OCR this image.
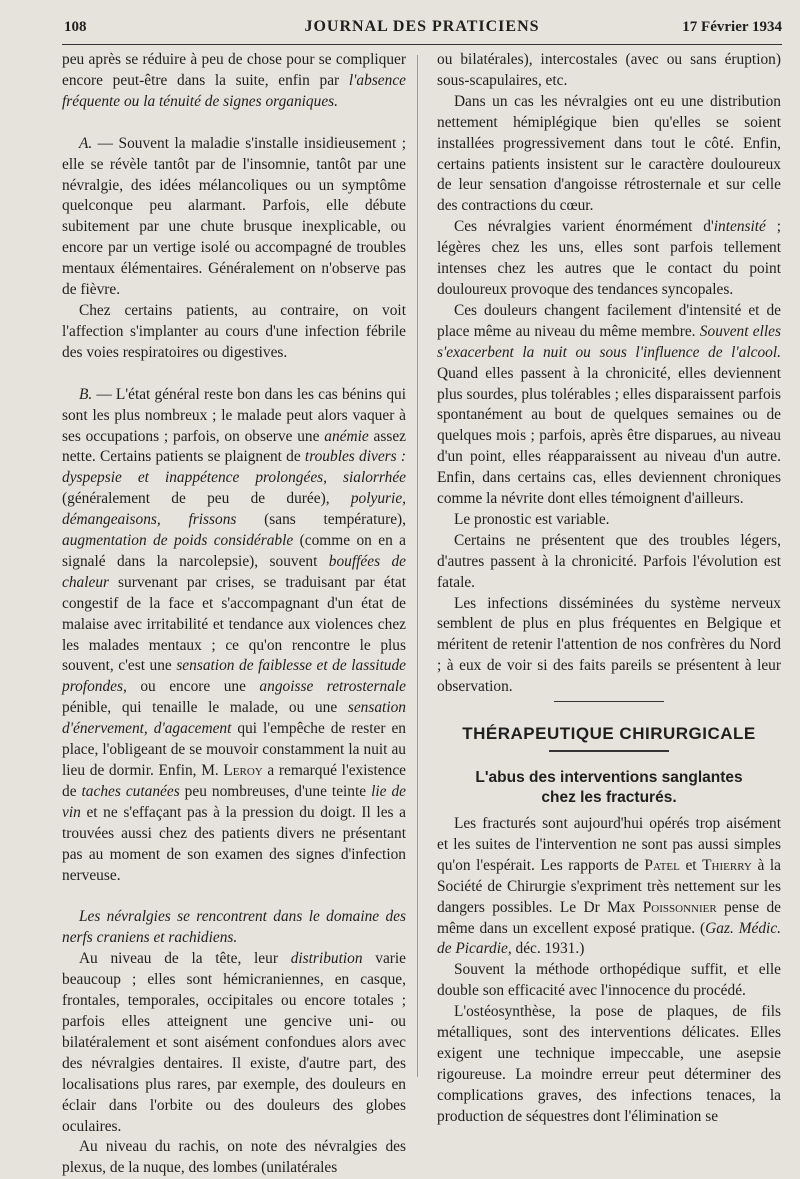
108	JOURNAL DES PRATICIENS	17 Février 1934

peu après se réduire à peu de chose pour se compliquer encore peut-être dans la suite, enfin par l'absence fréquente ou la ténuité de signes organiques.

A. — Souvent la maladie s'installe insidieusement ; elle se révèle tantôt par de l'insomnie, tantôt par une névralgie, des idées mélancoliques ou un symptôme quelconque peu alarmant. Parfois, elle débute subitement par une chute brusque inexplicable, ou encore par un vertige isolé ou accompagné de troubles mentaux élémentaires. Généralement on n'observe pas de fièvre.

Chez certains patients, au contraire, on voit l'affection s'implanter au cours d'une infection fébrile des voies respiratoires ou digestives.

B. — L'état général reste bon dans les cas bénins qui sont les plus nombreux ; le malade peut alors vaquer à ses occupations ; parfois, on observe une anémie assez nette. Certains patients se plaignent de troubles divers : dyspepsie et inappétence prolongées, sialorrhée (généralement de peu de durée), polyurie, démangeaisons, frissons (sans température), augmentation de poids considérable (comme on en a signalé dans la narcolepsie), souvent bouffées de chaleur survenant par crises, se traduisant par état congestif de la face et s'accompagnant d'un état de malaise avec irritabilité et tendance aux violences chez les malades mentaux ; ce qu'on rencontre le plus souvent, c'est une sensation de faiblesse et de lassitude profondes, ou encore une angoisse retrosternale pénible, qui tenaille le malade, ou une sensation d'énervement, d'agacement qui l'empêche de rester en place, l'obligeant de se mouvoir constamment la nuit au lieu de dormir. Enfin, M. Leroy a remarqué l'existence de taches cutanées peu nombreuses, d'une teinte lie de vin et ne s'effaçant pas à la pression du doigt. Il les a trouvées aussi chez des patients divers ne présentant pas au moment de son examen des signes d'infection nerveuse.

Les névralgies se rencontrent dans le domaine des nerfs craniens et rachidiens.

Au niveau de la tête, leur distribution varie beaucoup ; elles sont hémicraniennes, en casque, frontales, temporales, occipitales ou encore totales ; parfois elles atteignent une gencive uni- ou bilatéralement et sont aisément confondues alors avec des névralgies dentaires. Il existe, d'autre part, des localisations plus rares, par exemple, des douleurs en éclair dans l'orbite ou des douleurs des globes oculaires.

Au niveau du rachis, on note des névralgies des plexus, de la nuque, des lombes (unilatérales

ou bilatérales), intercostales (avec ou sans éruption) sous-scapulaires, etc.

Dans un cas les névralgies ont eu une distribution nettement hémiplégique bien qu'elles se soient installées progressivement dans tout le côté. Enfin, certains patients insistent sur le caractère douloureux de leur sensation d'angoisse rétrosternale et sur celle des contractions du cœur.

Ces névralgies varient énormément d'intensité ; légères chez les uns, elles sont parfois tellement intenses chez les autres que le contact du point douloureux provoque des tendances syncopales.

Ces douleurs changent facilement d'intensité et de place même au niveau du même membre. Souvent elles s'exacerbent la nuit ou sous l'influence de l'alcool. Quand elles passent à la chronicité, elles deviennent plus sourdes, plus tolérables ; elles disparaissent parfois spontanément au bout de quelques semaines ou de quelques mois ; parfois, après être disparues, au niveau d'un point, elles réapparaissent au niveau d'un autre. Enfin, dans certains cas, elles deviennent chroniques comme la névrite dont elles témoignent d'ailleurs.

Le pronostic est variable.

Certains ne présentent que des troubles légers, d'autres passent à la chronicité. Parfois l'évolution est fatale.

Les infections disséminées du système nerveux semblent de plus en plus fréquentes en Belgique et méritent de retenir l'attention de nos confrères du Nord ; à eux de voir si des faits pareils se présentent à leur observation.

THÉRAPEUTIQUE CHIRURGICALE
L'abus des interventions sanglantes
chez les fracturés.

Les fracturés sont aujourd'hui opérés trop aisément et les suites de l'intervention ne sont pas aussi simples qu'on l'espérait. Les rapports de Patel et Thierry à la Société de Chirurgie s'expriment très nettement sur les dangers possibles. Le Dr Max Poissonnier pense de même dans un excellent exposé pratique. (Gaz. Médic. de Picardie, déc. 1931.)

Souvent la méthode orthopédique suffit, et elle double son efficacité avec l'innocence du procédé.

L'ostéosynthèse, la pose de plaques, de fils métalliques, sont des interventions délicates. Elles exigent une technique impeccable, une asepsie rigoureuse. La moindre erreur peut déterminer des complications graves, des infections tenaces, la production de séquestres dont l'élimination se
